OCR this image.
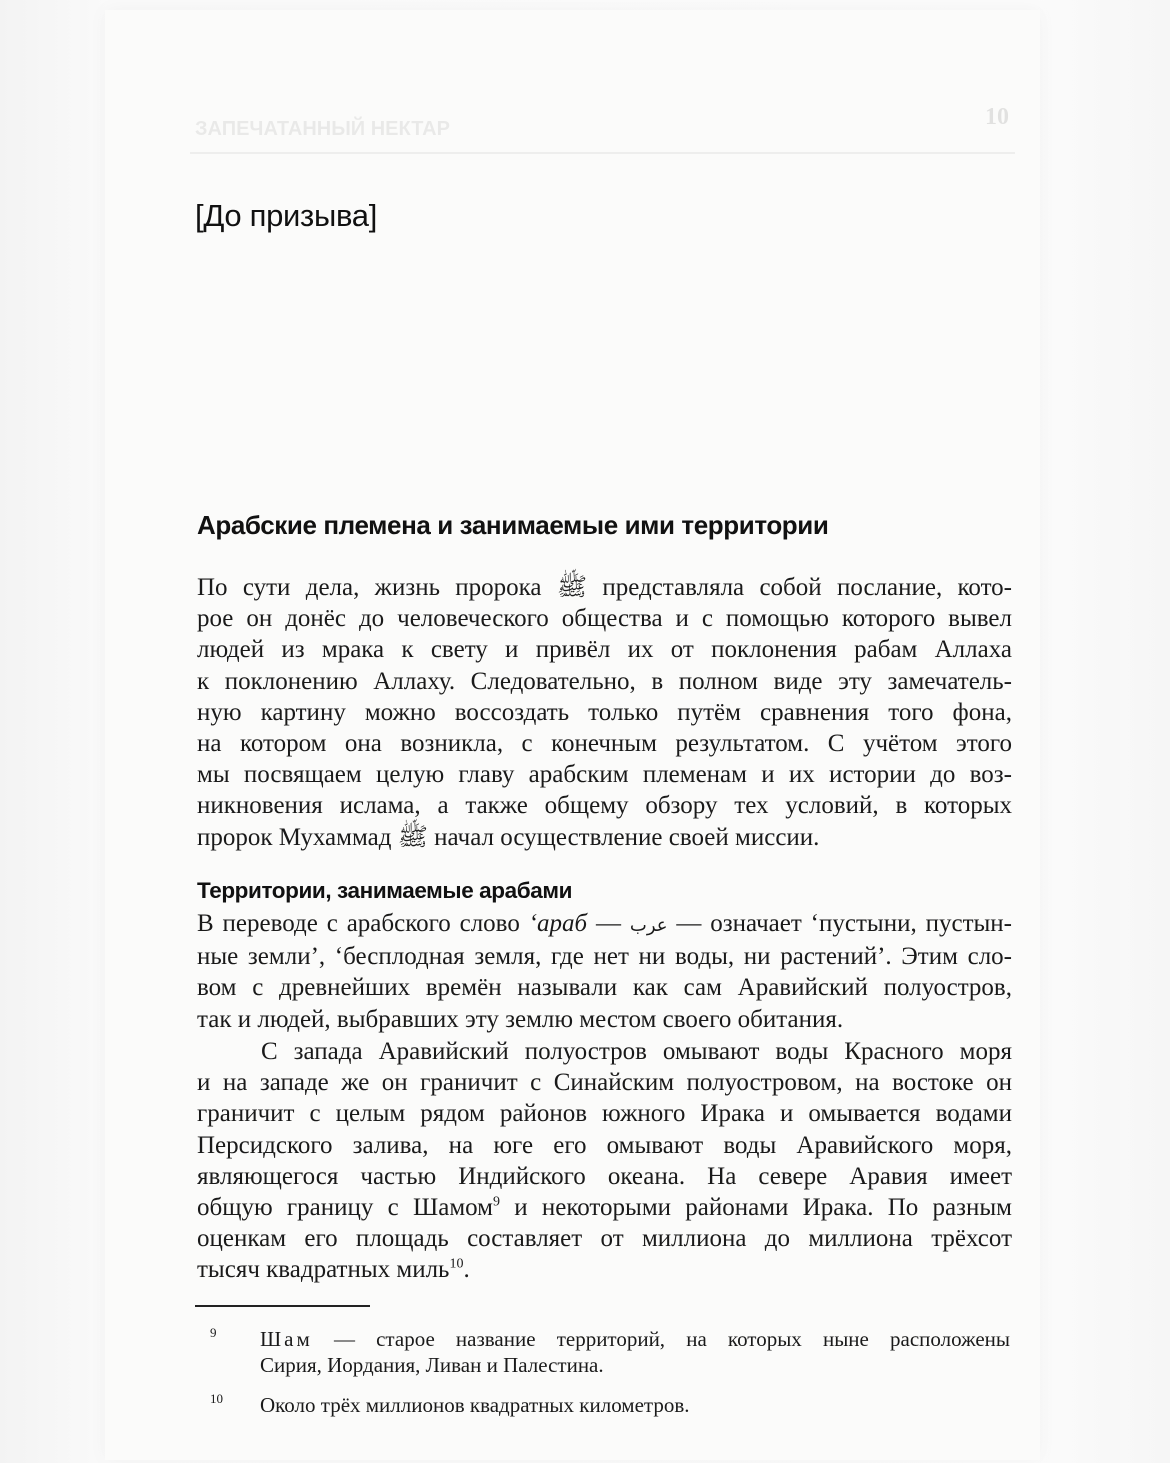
ЗАПЕЧАТАННЫЙ НЕКТАР	10
[До призыва]
Арабские племена и занимаемые ими территории
По сути дела, жизнь пророка ﷺ представляла собой послание, кото-
рое он донёс до человеческого общества и с помощью которого вывел
людей из мрака к свету и привёл их от поклонения рабам Аллаха
к поклонению Аллаху. Следовательно, в полном виде эту замечатель-
ную картину можно воссоздать только путём сравнения того фона,
на котором она возникла, с конечным результатом. С учётом этого
мы посвящаем целую главу арабским племенам и их истории до воз-
никновения ислама, а также общему обзору тех условий, в которых
пророк Мухаммад ﷺ начал осуществление своей миссии.
Территории, занимаемые арабами
В переводе с арабского слово ‘араб — عرب — означает ‘пустыни, пустын-
ные земли’, ‘бесплодная земля, где нет ни воды, ни растений’. Этим сло-
вом с древнейших времён называли как сам Аравийский полуостров,
так и людей, выбравших эту землю местом своего обитания.
С запада Аравийский полуостров омывают воды Красного моря
и на западе же он граничит с Синайским полуостровом, на востоке он
граничит с целым рядом районов южного Ирака и омывается водами
Персидского залива, на юге его омывают воды Аравийского моря,
являющегося частью Индийского океана. На севере Аравия имеет
общую границу с Шамом$^9$ и некоторыми районами Ирака. По разным
оценкам его площадь составляет от миллиона до миллиона трёхсот
тысяч квадратных миль$^{10}$.
9 Шам — старое название территорий, на которых ныне расположены
Сирия, Иордания, Ливан и Палестина.
10 Около трёх миллионов квадратных километров.
